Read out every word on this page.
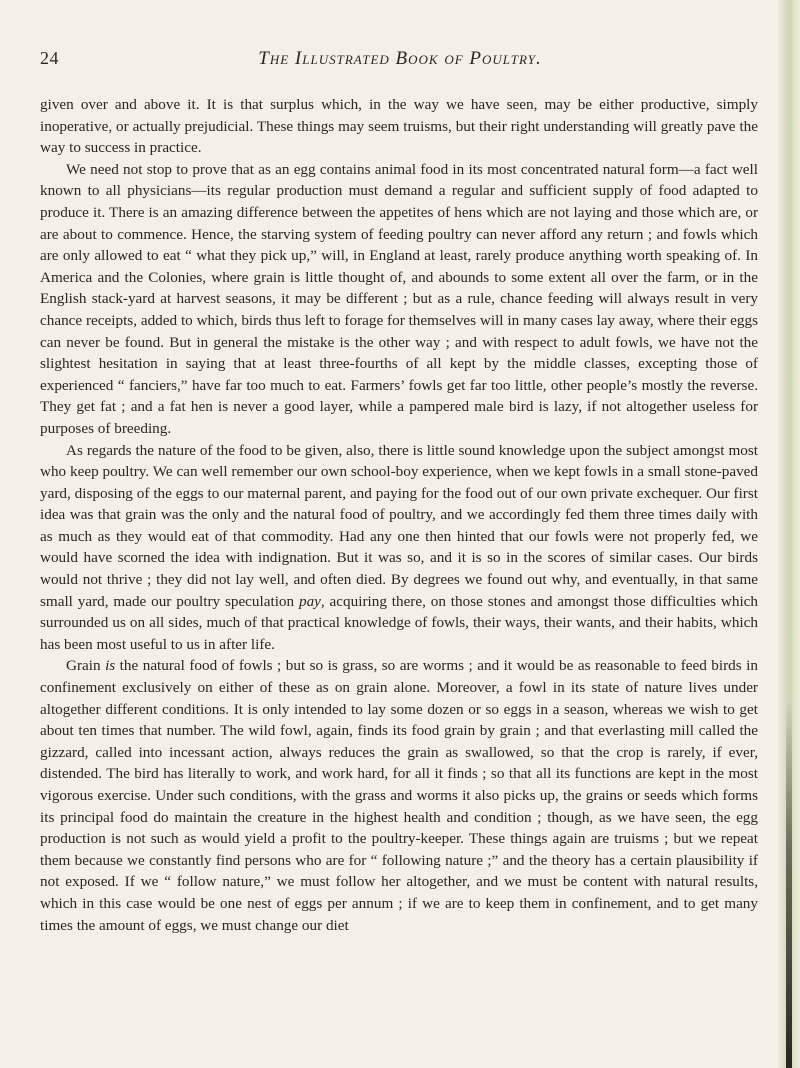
24	The Illustrated Book of Poultry.

given over and above it. It is that surplus which, in the way we have seen, may be either productive, simply inoperative, or actually prejudicial. These things may seem truisms, but their right understanding will greatly pave the way to success in practice.

We need not stop to prove that as an egg contains animal food in its most concentrated natural form—a fact well known to all physicians—its regular production must demand a regular and sufficient supply of food adapted to produce it. There is an amazing difference between the appetites of hens which are not laying and those which are, or are about to commence. Hence, the starving system of feeding poultry can never afford any return ; and fowls which are only allowed to eat “ what they pick up,” will, in England at least, rarely produce anything worth speaking of. In America and the Colonies, where grain is little thought of, and abounds to some extent all over the farm, or in the English stack-yard at harvest seasons, it may be different ; but as a rule, chance feeding will always result in very chance receipts, added to which, birds thus left to forage for themselves will in many cases lay away, where their eggs can never be found. But in general the mistake is the other way ; and with respect to adult fowls, we have not the slightest hesitation in saying that at least three-fourths of all kept by the middle classes, excepting those of experienced “ fanciers,” have far too much to eat. Farmers’ fowls get far too little, other people’s mostly the reverse. They get fat ; and a fat hen is never a good layer, while a pampered male bird is lazy, if not altogether useless for purposes of breeding.

As regards the nature of the food to be given, also, there is little sound knowledge upon the subject amongst most who keep poultry. We can well remember our own school-boy experience, when we kept fowls in a small stone-paved yard, disposing of the eggs to our maternal parent, and paying for the food out of our own private exchequer. Our first idea was that grain was the only and the natural food of poultry, and we accordingly fed them three times daily with as much as they would eat of that commodity. Had any one then hinted that our fowls were not properly fed, we would have scorned the idea with indignation. But it was so, and it is so in the scores of similar cases. Our birds would not thrive ; they did not lay well, and often died. By degrees we found out why, and eventually, in that same small yard, made our poultry speculation pay, acquiring there, on those stones and amongst those difficulties which surrounded us on all sides, much of that practical knowledge of fowls, their ways, their wants, and their habits, which has been most useful to us in after life.

Grain is the natural food of fowls ; but so is grass, so are worms ; and it would be as reasonable to feed birds in confinement exclusively on either of these as on grain alone. Moreover, a fowl in its state of nature lives under altogether different conditions. It is only intended to lay some dozen or so eggs in a season, whereas we wish to get about ten times that number. The wild fowl, again, finds its food grain by grain ; and that everlasting mill called the gizzard, called into incessant action, always reduces the grain as swallowed, so that the crop is rarely, if ever, distended. The bird has literally to work, and work hard, for all it finds ; so that all its functions are kept in the most vigorous exercise. Under such conditions, with the grass and worms it also picks up, the grains or seeds which forms its principal food do maintain the creature in the highest health and condition ; though, as we have seen, the egg production is not such as would yield a profit to the poultry-keeper. These things again are truisms ; but we repeat them because we constantly find persons who are for “ following nature ;” and the theory has a certain plausibility if not exposed. If we “ follow nature,” we must follow her altogether, and we must be content with natural results, which in this case would be one nest of eggs per annum ; if we are to keep them in confinement, and to get many times the amount of eggs, we must change our diet
